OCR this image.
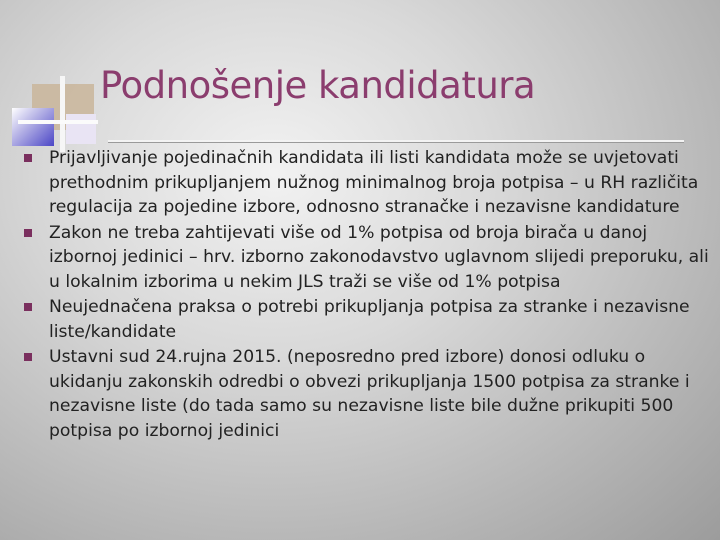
Podnošenje kandidatura
Prijavljivanje pojedinačnih kandidata ili listi kandidata može se uvjetovati prethodnim prikupljanjem nužnog minimalnog broja potpisa – u RH različita regulacija za pojedine izbore, odnosno stranačke i nezavisne kandidature
Zakon ne treba zahtijevati više od 1% potpisa od broja birača u danoj izbornoj jedinici – hrv. izborno zakonodavstvo uglavnom slijedi preporuku, ali u lokalnim izborima u nekim JLS traži se više od 1% potpisa
Neujednačena praksa o potrebi prikupljanja potpisa za stranke i nezavisne liste/kandidate
Ustavni sud 24.rujna 2015. (neposredno pred izbore) donosi odluku o ukidanju zakonskih odredbi o obvezi prikupljanja 1500 potpisa za stranke i nezavisne liste (do tada samo su nezavisne liste bile dužne prikupiti 500 potpisa po izbornoj jedinici
